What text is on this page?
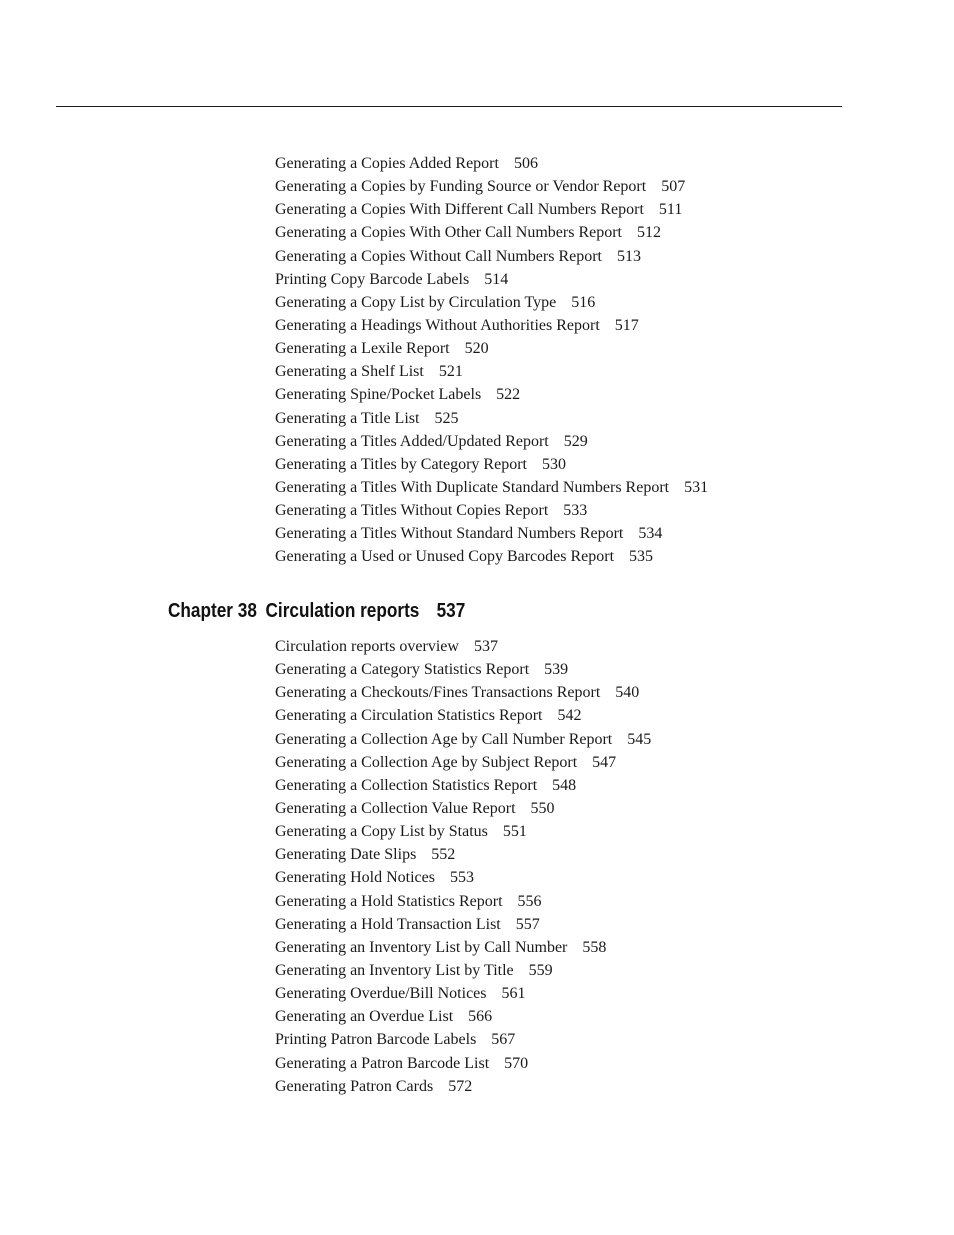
Generating a Copies Added Report 506
Generating a Copies by Funding Source or Vendor Report 507
Generating a Copies With Different Call Numbers Report 511
Generating a Copies With Other Call Numbers Report 512
Generating a Copies Without Call Numbers Report 513
Printing Copy Barcode Labels 514
Generating a Copy List by Circulation Type 516
Generating a Headings Without Authorities Report 517
Generating a Lexile Report 520
Generating a Shelf List 521
Generating Spine/Pocket Labels 522
Generating a Title List 525
Generating a Titles Added/Updated Report 529
Generating a Titles by Category Report 530
Generating a Titles With Duplicate Standard Numbers Report 531
Generating a Titles Without Copies Report 533
Generating a Titles Without Standard Numbers Report 534
Generating a Used or Unused Copy Barcodes Report 535
Chapter 38 Circulation reports 537
Circulation reports overview 537
Generating a Category Statistics Report 539
Generating a Checkouts/Fines Transactions Report 540
Generating a Circulation Statistics Report 542
Generating a Collection Age by Call Number Report 545
Generating a Collection Age by Subject Report 547
Generating a Collection Statistics Report 548
Generating a Collection Value Report 550
Generating a Copy List by Status 551
Generating Date Slips 552
Generating Hold Notices 553
Generating a Hold Statistics Report 556
Generating a Hold Transaction List 557
Generating an Inventory List by Call Number 558
Generating an Inventory List by Title 559
Generating Overdue/Bill Notices 561
Generating an Overdue List 566
Printing Patron Barcode Labels 567
Generating a Patron Barcode List 570
Generating Patron Cards 572
